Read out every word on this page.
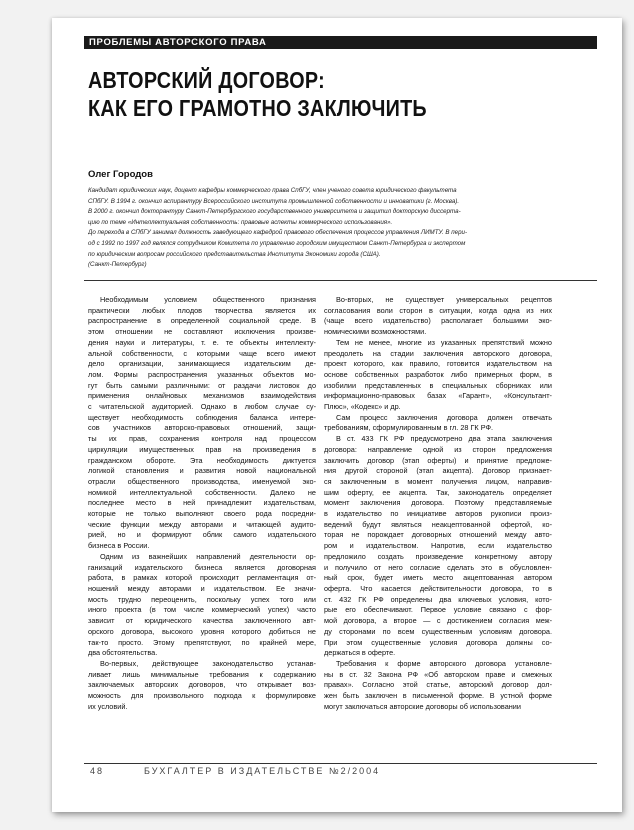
ПРОБЛЕМЫ АВТОРСКОГО ПРАВА
АВТОРСКИЙ ДОГОВОР:
КАК ЕГО ГРАМОТНО ЗАКЛЮЧИТЬ
Олег Городов
Кандидат юридических наук, доцент кафедры коммерческого права СпбГУ, член ученого совета юридического факультета
СПбГУ. В 1994 г. окончил аспирантуру Всероссийского института промышленной собственности и инноватики (г. Москва).
В 2000 г. окончил докторантуру Санкт-Петербургского государственного университета и защитил докторскую диссерта-
цию по теме «Интеллектуальная собственность: правовые аспекты коммерческого использования».
До перехода в СПбГУ занимал должность заведующего кафедрой правового обеспечения процессов управления ЛИМТУ. В пери-
од с 1992 по 1997 год являлся сотрудником Комитета по управлению городским имуществом Санкт-Петербурга и экспертом
по юридическим вопросам российского представительства Института Экономики города (США).
(Санкт-Петербург)
Необходимым условием общественного признания
практически любых плодов творчества является их
распространение в определенной социальной среде. В
этом отношении не составляют исключения произве-
дения науки и литературы, т. е. те объекты интеллекту-
альной собственности, с которыми чаще всего имеют
дело организации, занимающиеся издательским де-
лом. Формы распространения указанных объектов мо-
гут быть самыми различными: от раздачи листовок до
применения онлайновых механизмов взаимодействия
с читательской аудиторией. Однако в любом случае су-
ществует необходимость соблюдения баланса интере-
сов участников авторско-правовых отношений, защи-
ты их прав, сохранения контроля над процессом
циркуляции имущественных прав на произведения в
гражданском обороте. Эта необходимость диктуется
логикой становления и развития новой национальной
отрасли общественного производства, именуемой эко-
номикой интеллектуальной собственности. Далеко не
последнее место в ней принадлежит издательствам,
которые не только выполняют своего рода посредни-
ческие функции между авторами и читающей аудито-
рией, но и формируют облик самого издательского
бизнеса в России.
Одним из важнейших направлений деятельности ор-
ганизаций издательского бизнеса является договорная
работа, в рамках которой происходит регламентация от-
ношений между авторами и издательством. Ее значи-
мость трудно переоценить, поскольку успех того или
иного проекта (в том числе коммерческий успех) часто
зависит от юридического качества заключенного авт-
орского договора, высокого уровня которого добиться не
так-то просто. Этому препятствуют, по крайней мере,
два обстоятельства.
Во-первых, действующее законодательство устанав-
ливает лишь минимальные требования к содержанию
заключаемых авторских договоров, что открывает воз-
можность для произвольного подхода к формулировке
их условий.
Во-вторых, не существует универсальных рецептов
согласования воли сторон в ситуации, когда одна из них
(чаще всего издательство) располагает большими эко-
номическими возможностями.
Тем не менее, многие из указанных препятствий можно
преодолеть на стадии заключения авторского договора,
проект которого, как правило, готовится издательством на
основе собственных разработок либо примерных форм, в
изобилии представленных в специальных сборниках или
информационно-правовых базах «Гарант», «Консультант-
Плюс», «Кодекс» и др.
Сам процесс заключения договора должен отвечать
требованиям, сформулированным в гл. 28 ГК РФ.
В ст. 433 ГК РФ предусмотрено два этапа заключения
договора: направление одной из сторон предложения
заключить договор (этап оферты) и принятие предложе-
ния другой стороной (этап акцепта). Договор признает-
ся заключенным в момент получения лицом, направив-
шим оферту, ее акцепта. Так, законодатель определяет
момент заключения договора. Поэтому представляемые
в издательство по инициативе авторов рукописи произ-
ведений будут являться неакцептованной офертой, ко-
торая не порождает договорных отношений между авто-
ром и издательством. Напротив, если издательство
предложило создать произведение конкретному автору
и получило от него согласие сделать это в обусловлен-
ный срок, будет иметь место акцептованная автором
оферта. Что касается действительности договора, то в
ст. 432 ГК РФ определены два ключевых условия, кото-
рые его обеспечивают. Первое условие связано с фор-
мой договора, а второе — с достижением согласия меж-
ду сторонами по всем существенным условиям договора.
При этом существенные условия договора должны со-
держаться в оферте.
Требования к форме авторского договора установле-
ны в ст. 32 Закона РФ «Об авторском праве и смежных
правах». Согласно этой статье, авторский договор дол-
жен быть заключен в письменной форме. В устной форме
могут заключаться авторские договоры об использовании
48	БУХГАЛТЕР В ИЗДАТЕЛЬСТВЕ №2/2004
